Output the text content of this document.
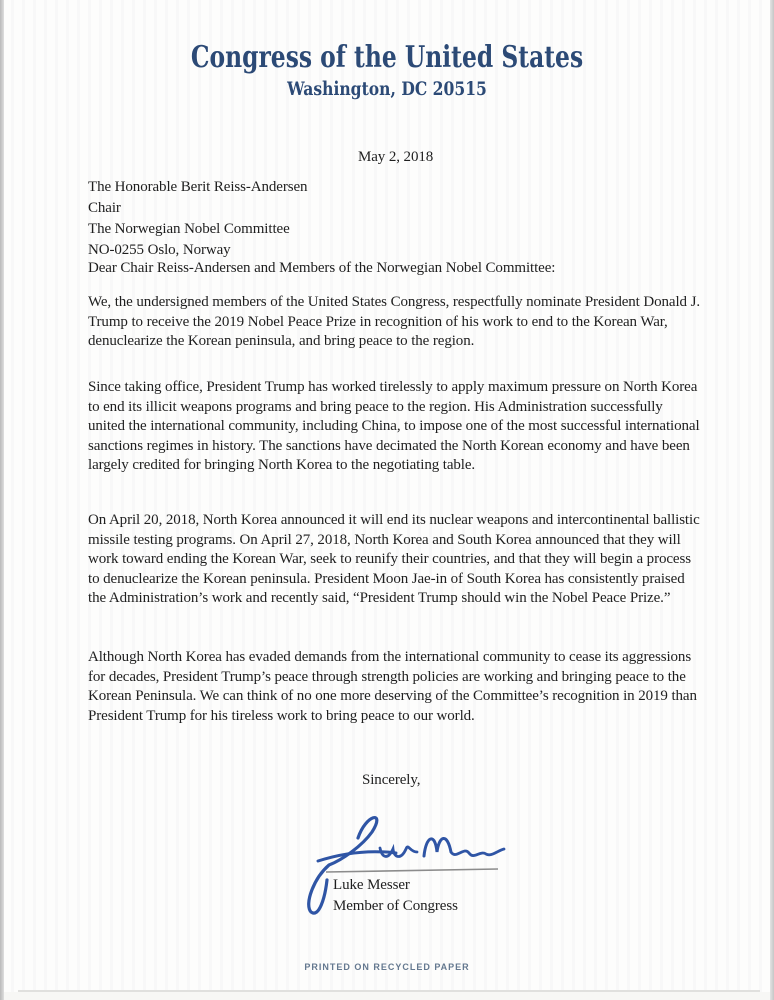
Congress of the United States
Washington, DC 20515
May 2, 2018
The Honorable Berit Reiss-Andersen
Chair
The Norwegian Nobel Committee
NO-0255 Oslo, Norway
Dear Chair Reiss-Andersen and Members of the Norwegian Nobel Committee:

We, the undersigned members of the United States Congress, respectfully nominate President Donald J. Trump to receive the 2019 Nobel Peace Prize in recognition of his work to end to the Korean War, denuclearize the Korean peninsula, and bring peace to the region.

Since taking office, President Trump has worked tirelessly to apply maximum pressure on North Korea to end its illicit weapons programs and bring peace to the region. His Administration successfully united the international community, including China, to impose one of the most successful international sanctions regimes in history. The sanctions have decimated the North Korean economy and have been largely credited for bringing North Korea to the negotiating table.

On April 20, 2018, North Korea announced it will end its nuclear weapons and intercontinental ballistic missile testing programs. On April 27, 2018, North Korea and South Korea announced that they will work toward ending the Korean War, seek to reunify their countries, and that they will begin a process to denuclearize the Korean peninsula. President Moon Jae-in of South Korea has consistently praised the Administration’s work and recently said, “President Trump should win the Nobel Peace Prize.”

Although North Korea has evaded demands from the international community to cease its aggressions for decades, President Trump’s peace through strength policies are working and bringing peace to the Korean Peninsula. We can think of no one more deserving of the Committee’s recognition in 2019 than President Trump for his tireless work to bring peace to our world.

Sincerely,
Luke Messer
Member of Congress
PRINTED ON RECYCLED PAPER
